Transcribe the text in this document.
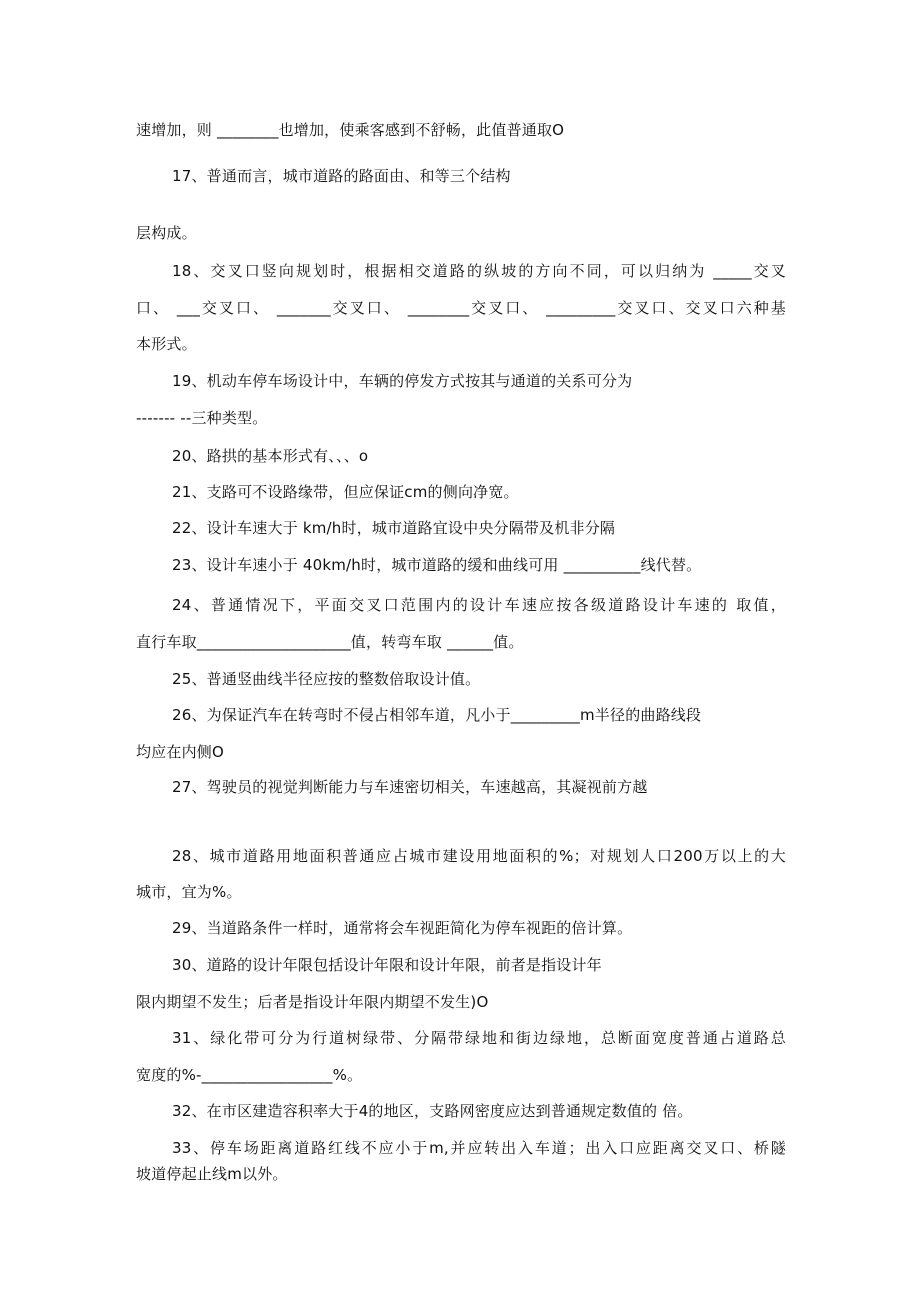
速增加，则 ________也增加，使乘客感到不舒畅，此值普通取O
17、普通而言，城市道路的路面由、和等三个结构
层构成。
18、交叉口竖向规划时，根据相交道路的纵坡的方向不同，可以归纳为 _____交叉
口、 ___交叉口、 _______交叉口、 ________交叉口、 _________交叉口、交叉口六种基
本形式。
19、机动车停车场设计中，车辆的停发方式按其与通道的关系可分为
------- --三种类型。
20、路拱的基本形式有、、、o
21、支路可不设路缘带，但应保证cm的侧向净宽。
22、设计车速大于 km/h时，城市道路宜设中央分隔带及机非分隔
23、设计车速小于 40km/h时，城市道路的缓和曲线可用 __________线代替。
24、普通情况下，平面交叉口范围内的设计车速应按各级道路设计车速的 取值，
直行车取____________________值，转弯车取 ______值。
25、普通竖曲线半径应按的整数倍取设计值。
26、为保证汽车在转弯时不侵占相邻车道，凡小于_________m半径的曲路线段
均应在内侧O
27、驾驶员的视觉判断能力与车速密切相关，车速越高，其凝视前方越
28、城市道路用地面积普通应占城市建设用地面积的%；对规划人口200万以上的大
城市，宜为%。
29、当道路条件一样时，通常将会车视距简化为停车视距的倍计算。
30、道路的设计年限包括设计年限和设计年限，前者是指设计年
限内期望不发生；后者是指设计年限内期望不发生)O
31、绿化带可分为行道树绿带、分隔带绿地和街边绿地，总断面宽度普通占道路总
宽度的%-_________________%。
32、在市区建造容积率大于4的地区，支路网密度应达到普通规定数值的 倍。
33、停车场距离道路红线不应小于m,并应转出入车道；出入口应距离交叉口、桥隧
坡道停起止线m以外。
